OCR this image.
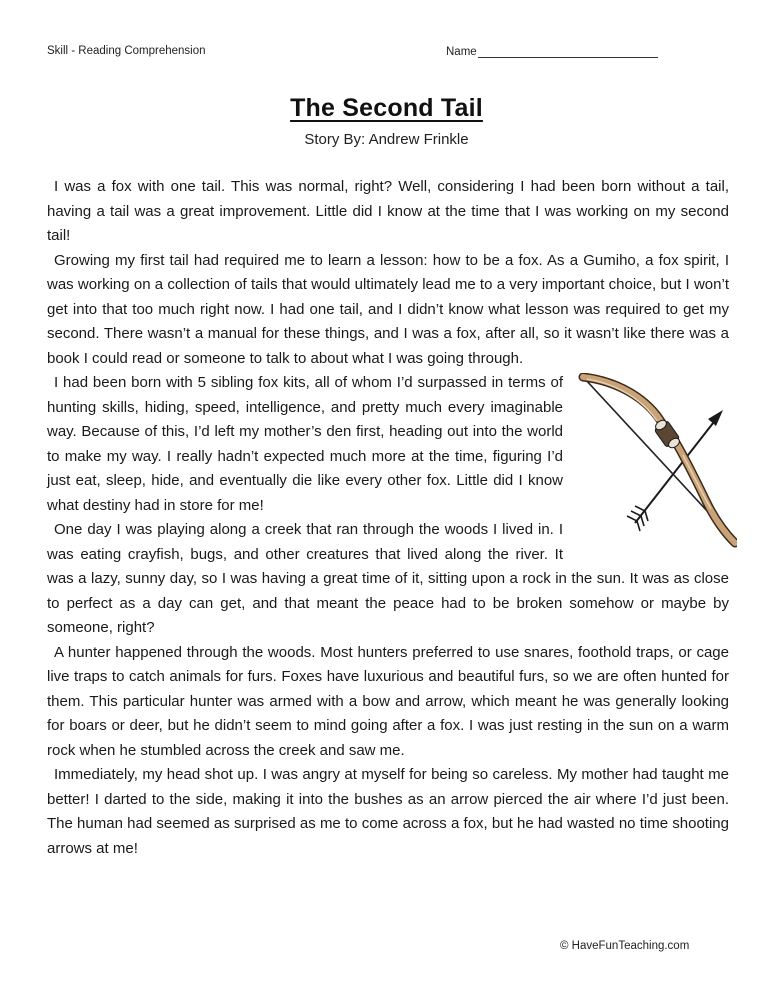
Skill - Reading Comprehension	Name
The Second Tail
Story By: Andrew Frinkle

I was a fox with one tail. This was normal, right? Well, considering I had been born without a tail, having a tail was a great improvement. Little did I know at the time that I was working on my second tail!

Growing my first tail had required me to learn a lesson: how to be a fox. As a Gumiho, a fox spirit, I was working on a collection of tails that would ultimately lead me to a very important choice, but I won’t get into that too much right now. I had one tail, and I didn’t know what lesson was required to get my second. There wasn’t a manual for these things, and I was a fox, after all, so it wasn’t like there was a book I could read or someone to talk to about what I was going through.

I had been born with 5 sibling fox kits, all of whom I’d surpassed in terms of hunting skills, hiding, speed, intelligence, and pretty much every imaginable way. Because of this, I’d left my mother’s den first, heading out into the world to make my way. I really hadn’t expected much more at the time, figuring I’d just eat, sleep, hide, and eventually die like every other fox. Little did I know what destiny had in store for me!

One day I was playing along a creek that ran through the woods I lived in. I was eating crayfish, bugs, and other creatures that lived along the river. It was a lazy, sunny day, so I was having a great time of it, sitting upon a rock in the sun. It was as close to perfect as a day can get, and that meant the peace had to be broken somehow or maybe by someone, right?

A hunter happened through the woods. Most hunters preferred to use snares, foothold traps, or cage live traps to catch animals for furs. Foxes have luxurious and beautiful furs, so we are often hunted for them. This particular hunter was armed with a bow and arrow, which meant he was generally looking for boars or deer, but he didn’t seem to mind going after a fox. I was just resting in the sun on a warm rock when he stumbled across the creek and saw me.

Immediately, my head shot up. I was angry at myself for being so careless. My mother had taught me better! I darted to the side, making it into the bushes as an arrow pierced the air where I’d just been. The human had seemed as surprised as me to come across a fox, but he had wasted no time shooting arrows at me!

© HaveFunTeaching.com
